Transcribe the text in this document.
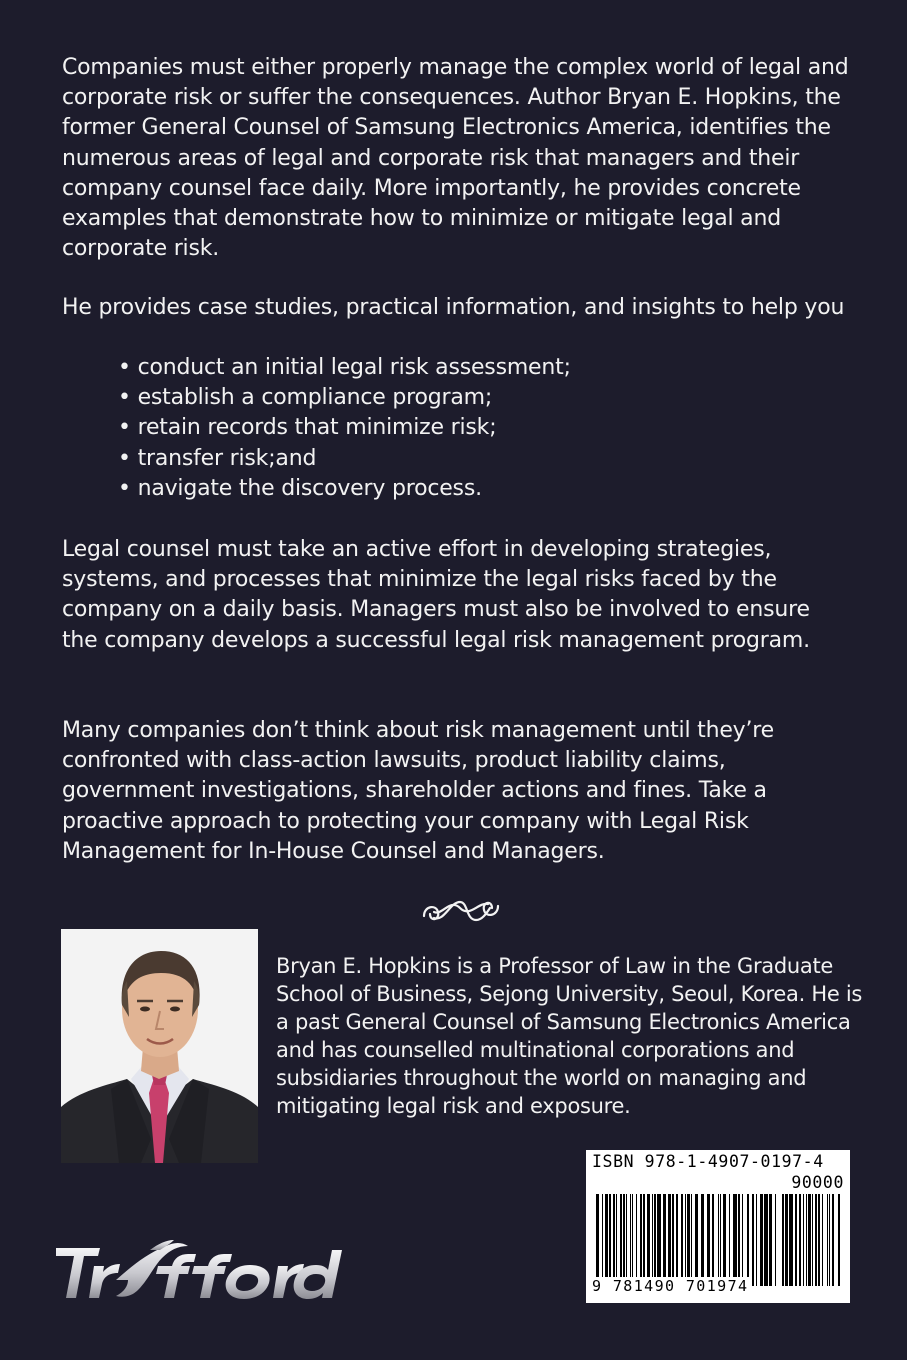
Companies must either properly manage the complex world of legal and corporate risk or suffer the consequences. Author Bryan E. Hopkins, the former General Counsel of Samsung Electronics America, identifies the numerous areas of legal and corporate risk that managers and their company counsel face daily. More importantly, he provides concrete examples that demonstrate how to minimize or mitigate legal and corporate risk.

He provides case studies, practical information, and insights to help you

• conduct an initial legal risk assessment;
• establish a compliance program;
• retain records that minimize risk;
• transfer risk;and
• navigate the discovery process.

Legal counsel must take an active effort in developing strategies, systems, and processes that minimize the legal risks faced by the company on a daily basis. Managers must also be involved to ensure the company develops a successful legal risk management program.

Many companies don’t think about risk management until they’re confronted with class-action lawsuits, product liability claims, government investigations, shareholder actions and fines. Take a proactive approach to protecting your company with Legal Risk Management for In-House Counsel and Managers.

Bryan E. Hopkins is a Professor of Law in the Graduate School of Business, Sejong University, Seoul, Korea. He is a past General Counsel of Samsung Electronics America and has counselled multinational corporations and subsidiaries throughout the world on managing and mitigating legal risk and exposure.

ISBN 978-1-4907-0197-4
90000
9 781490 701974
